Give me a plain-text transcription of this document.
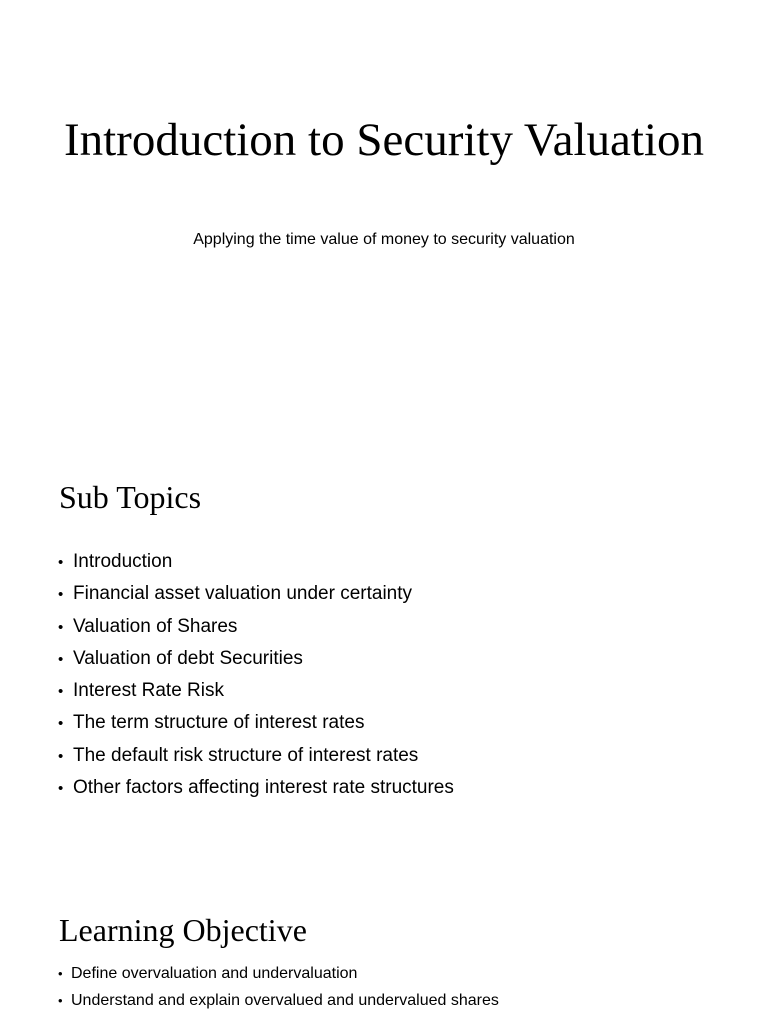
Introduction to Security Valuation

Applying the time value of money to security valuation

Sub Topics
• Introduction
• Financial asset valuation under certainty
• Valuation of Shares
• Valuation of debt Securities
• Interest Rate Risk
• The term structure of interest rates
• The default risk structure of interest rates
• Other factors affecting interest rate structures
Learning Objective
• Define overvaluation and undervaluation
• Understand and explain overvalued and undervalued shares
